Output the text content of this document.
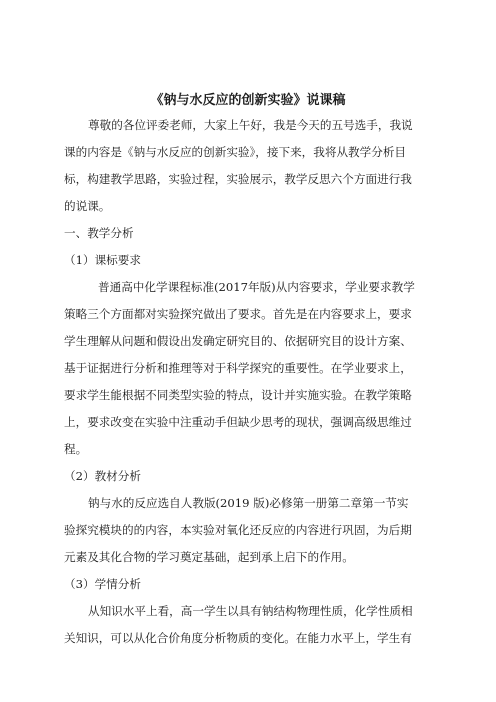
《钠与水反应的创新实验》说课稿

尊敬的各位评委老师，大家上午好，我是今天的五号选手，我说

课的内容是《钠与水反应的创新实验》，接下来，我将从教学分析目

标，构建教学思路，实验过程，实验展示，教学反思六个方面进行我

的说课。

一、教学分析

（1）课标要求

普通高中化学课程标准(2017年版)从内容要求，学业要求教学

策略三个方面都对实验探究做出了要求。首先是在内容要求上，要求

学生理解从问题和假设出发确定研究目的、依据研究目的设计方案、

基于证据进行分析和推理等对于科学探究的重要性。在学业要求上，

要求学生能根据不同类型实验的特点，设计并实施实验。在教学策略

上，要求改变在实验中注重动手但缺少思考的现状，强调高级思维过

程。

（2）教材分析

钠与水的反应选自人教版(2019 版)必修第一册第二章第一节实

验探究模块的的内容，本实验对氧化还反应的内容进行巩固，为后期

元素及其化合物的学习奠定基础，起到承上启下的作用。

（3）学情分析

从知识水平上看，高一学生以具有钠结构物理性质，化学性质相

关知识，可以从化合价角度分析物质的变化。在能力水平上，学生有
